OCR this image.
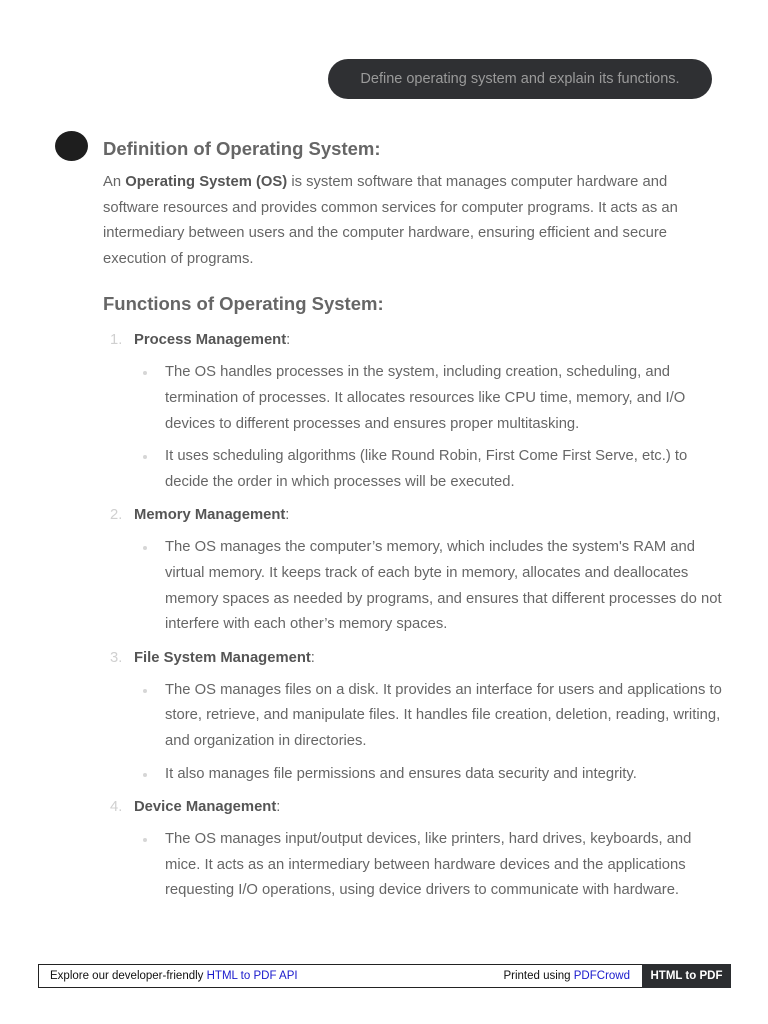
Define operating system and explain its functions.
Definition of Operating System:

An Operating System (OS) is system software that manages computer hardware and software resources and provides common services for computer programs. It acts as an intermediary between users and the computer hardware, ensuring efficient and secure execution of programs.

Functions of Operating System:
1. Process Management:
The OS handles processes in the system, including creation, scheduling, and termination of processes. It allocates resources like CPU time, memory, and I/O devices to different processes and ensures proper multitasking.
It uses scheduling algorithms (like Round Robin, First Come First Serve, etc.) to decide the order in which processes will be executed.
2. Memory Management:
The OS manages the computer’s memory, which includes the system's RAM and virtual memory. It keeps track of each byte in memory, allocates and deallocates memory spaces as needed by programs, and ensures that different processes do not interfere with each other’s memory spaces.
3. File System Management:
The OS manages files on a disk. It provides an interface for users and applications to store, retrieve, and manipulate files. It handles file creation, deletion, reading, writing, and organization in directories.
It also manages file permissions and ensures data security and integrity.
4. Device Management:
The OS manages input/output devices, like printers, hard drives, keyboards, and mice. It acts as an intermediary between hardware devices and the applications requesting I/O operations, using device drivers to communicate with hardware.
Explore our developer-friendly HTML to PDF API	Printed using PDFCrowd	HTML to PDF
